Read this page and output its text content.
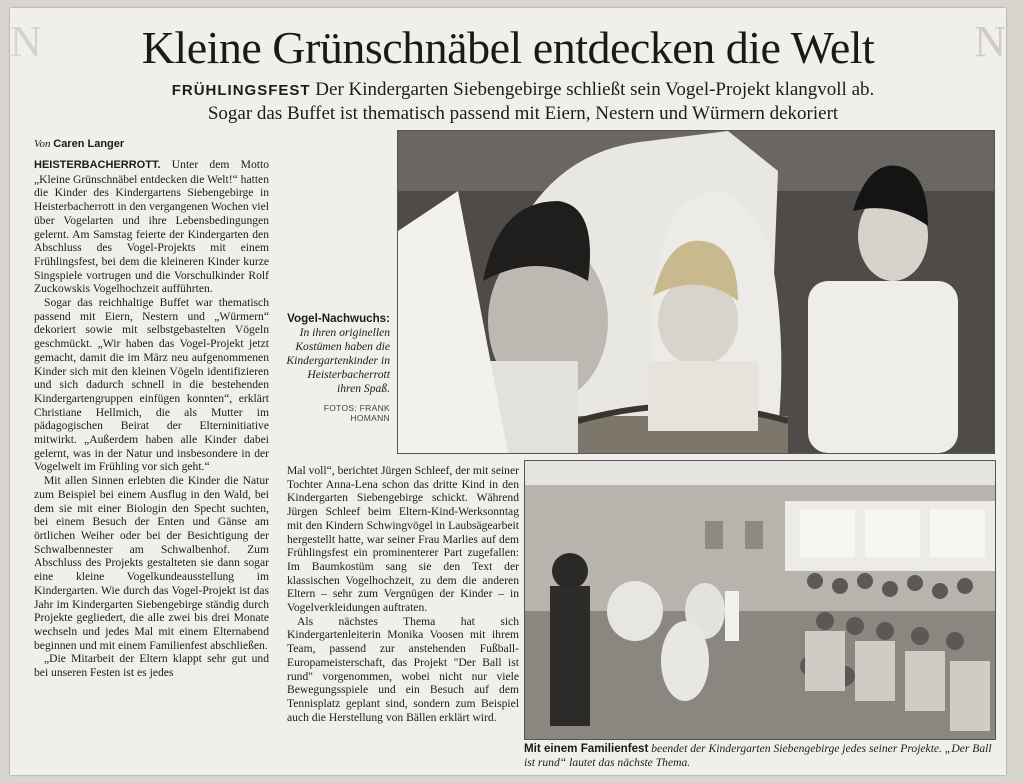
N	N
Kleine Grünschnäbel entdecken die Welt
FRÜHLINGSFEST Der Kindergarten Siebengebirge schließt sein Vogel-Projekt klangvoll ab. Sogar das Buffet ist thematisch passend mit Eiern, Nestern und Würmern dekoriert
Von Caren Langer

HEISTERBACHERROTT. Unter dem Motto „Kleine Grünschnäbel entdecken die Welt!“ hatten die Kinder des Kindergartens Siebengebirge in Heisterbacherrott in den vergangenen Wochen viel über Vogelarten und ihre Lebensbedingungen gelernt. Am Samstag feierte der Kindergarten den Abschluss des Vogel-Projekts mit einem Frühlingsfest, bei dem die kleineren Kinder kurze Singspiele vortrugen und die Vorschulkinder Rolf Zuckowskis Vogelhochzeit aufführten.

Sogar das reichhaltige Buffet war thematisch passend mit Eiern, Nestern und „Würmern“ dekoriert sowie mit selbstgebastelten Vögeln geschmückt. „Wir haben das Vogel-Projekt jetzt gemacht, damit die im März neu aufgenommenen Kinder sich mit den kleinen Vögeln identifizieren und sich dadurch schnell in die bestehenden Kindergartengruppen einfügen konnten“, erklärt Christiane Hellmich, die als Mutter im pädagogischen Beirat der Elterninitiative mitwirkt. „Außerdem haben alle Kinder dabei gelernt, was in der Natur und insbesondere in der Vogelwelt im Frühling vor sich geht.“

Mit allen Sinnen erlebten die Kinder die Natur zum Beispiel bei einem Ausflug in den Wald, bei dem sie mit einer Biologin den Specht suchten, bei einem Besuch der Enten und Gänse am örtlichen Weiher oder bei der Besichtigung der Schwalbennester am Schwalbenhof. Zum Abschluss des Projekts gestalteten sie dann sogar eine kleine Vogelkundeausstellung im Kindergarten. Wie durch das Vogel-Projekt ist das Jahr im Kindergarten Siebengebirge ständig durch Projekte gegliedert, die alle zwei bis drei Monate wechseln und jedes Mal mit einem Elternabend beginnen und mit einem Familienfest abschließen.

„Die Mitarbeit der Eltern klappt sehr gut und bei unseren Festen ist es jedes

Mal voll“, berichtet Jürgen Schleef, der mit seiner Tochter Anna-Lena schon das dritte Kind in den Kindergarten Siebengebirge schickt. Während Jürgen Schleef beim Eltern-Kind-Werksonntag mit den Kindern Schwingvögel in Laubsägearbeit hergestellt hatte, war seiner Frau Marlies auf dem Frühlingsfest ein prominenterer Part zugefallen: Im Baumkostüm sang sie den Text der klassischen Vogelhochzeit, zu dem die anderen Eltern – sehr zum Vergnügen der Kinder – in Vogelverkleidungen auftraten.

Als nächstes Thema hat sich Kindergartenleiterin Monika Voosen mit ihrem Team, passend zur anstehenden Fußball-Europameisterschaft, das Projekt "Der Ball ist rund" vorgenommen, wobei nicht nur viele Bewegungsspiele und ein Besuch auf dem Tennisplatz geplant sind, sondern zum Beispiel auch die Herstellung von Bällen erklärt wird.

Vogel-Nachwuchs:
In ihren originellen Kostümen haben die Kindergartenkinder in Heisterbacherrott ihren Spaß.
FOTOS: FRANK HOMANN
Mit einem Familienfest beendet der Kindergarten Siebengebirge jedes seiner Projekte. „Der Ball ist rund“ lautet das nächste Thema.
